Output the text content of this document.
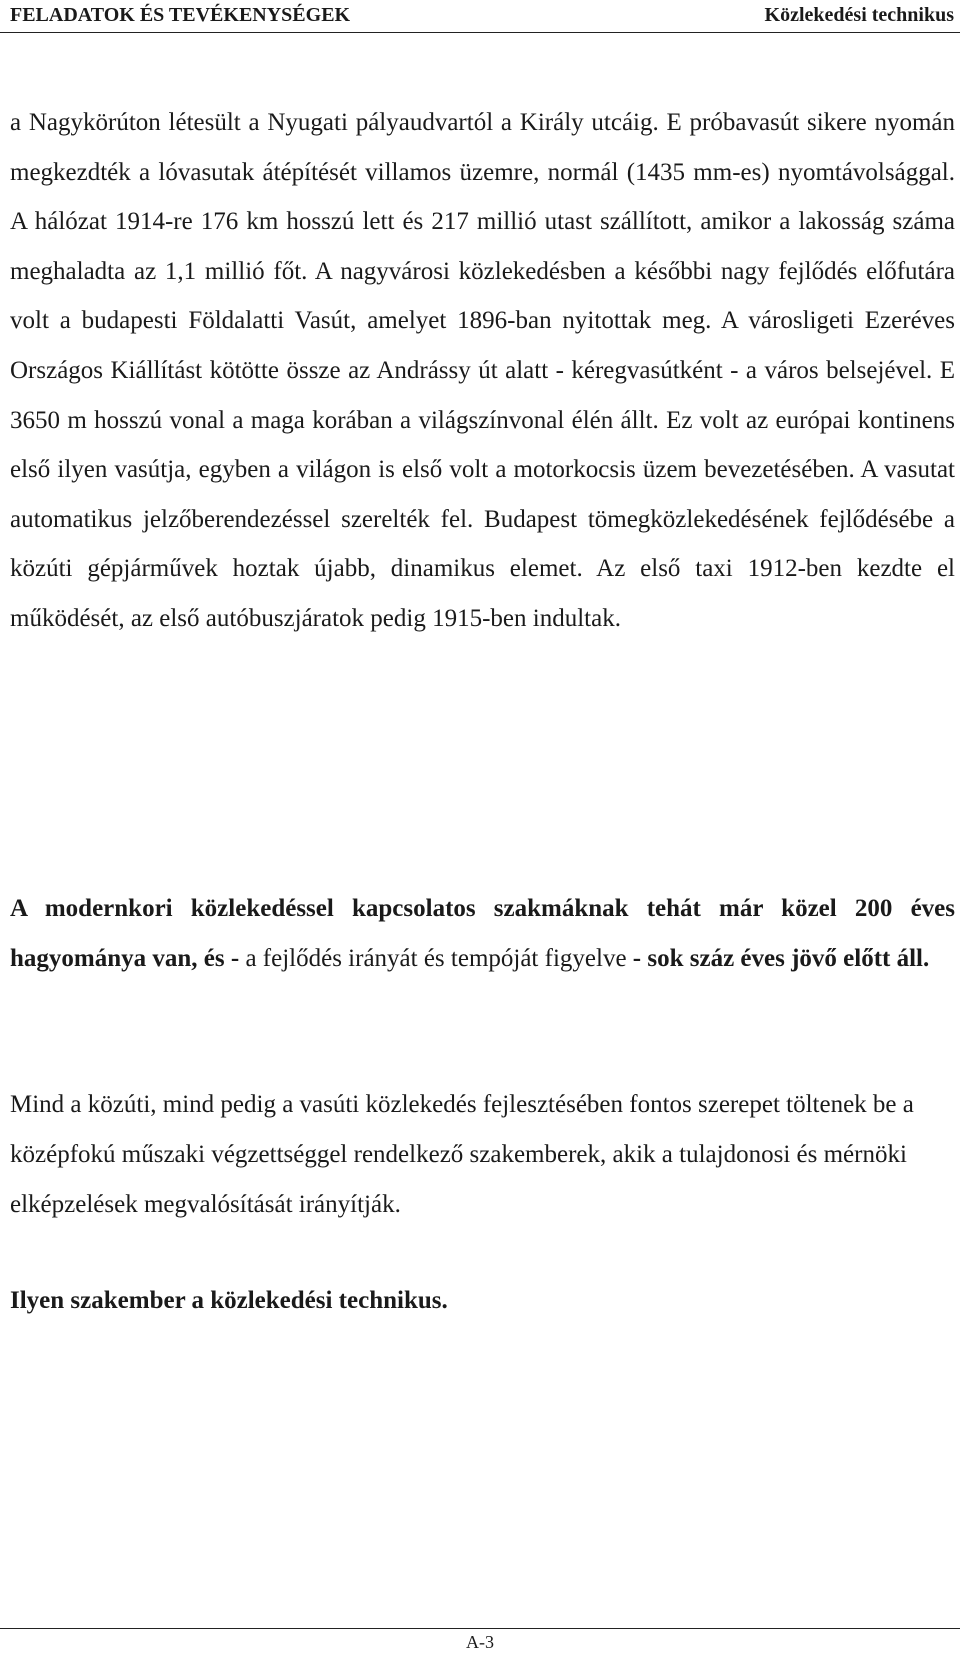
FELADATOK ÉS TEVÉKENYSÉGEK	Közlekedési technikus

a Nagykörúton létesült a Nyugati pályaudvartól a Király utcáig. E próbavasút sikere nyomán megkezdték a lóvasutak átépítését villamos üzemre, normál (1435 mm-es) nyomtávolsággal. A hálózat 1914-re 176 km hosszú lett és 217 millió utast szállított, amikor a lakosság száma meghaladta az 1,1 millió főt. A nagyvárosi közlekedésben a későbbi nagy fejlődés előfutára volt a budapesti Földalatti Vasút, amelyet 1896-ban nyitottak meg. A városligeti Ezeréves Országos Kiállítást kötötte össze az Andrássy út alatt - kéregvasútként - a város belsejével. E 3650 m hosszú vonal a maga korában a világszínvonal élén állt. Ez volt az európai kontinens első ilyen vasútja, egyben a világon is első volt a motorkocsis üzem bevezetésében. A vasutat automatikus jelzőberendezéssel szerelték fel. Budapest tömegközlekedésének fejlődésébe a közúti gépjárművek hoztak újabb, dinamikus elemet. Az első taxi 1912-ben kezdte el működését, az első autóbuszjáratok pedig 1915-ben indultak.

A modernkori közlekedéssel kapcsolatos szakmáknak tehát már közel 200 éves hagyománya van, és - a fejlődés irányát és tempóját figyelve - sok száz éves jövő előtt áll.

Mind a közúti, mind pedig a vasúti közlekedés fejlesztésében fontos szerepet töltenek be a középfokú műszaki végzettséggel rendelkező szakemberek, akik a tulajdonosi és mérnöki elképzelések megvalósítását irányítják.

Ilyen szakember a közlekedési technikus.

A-3
